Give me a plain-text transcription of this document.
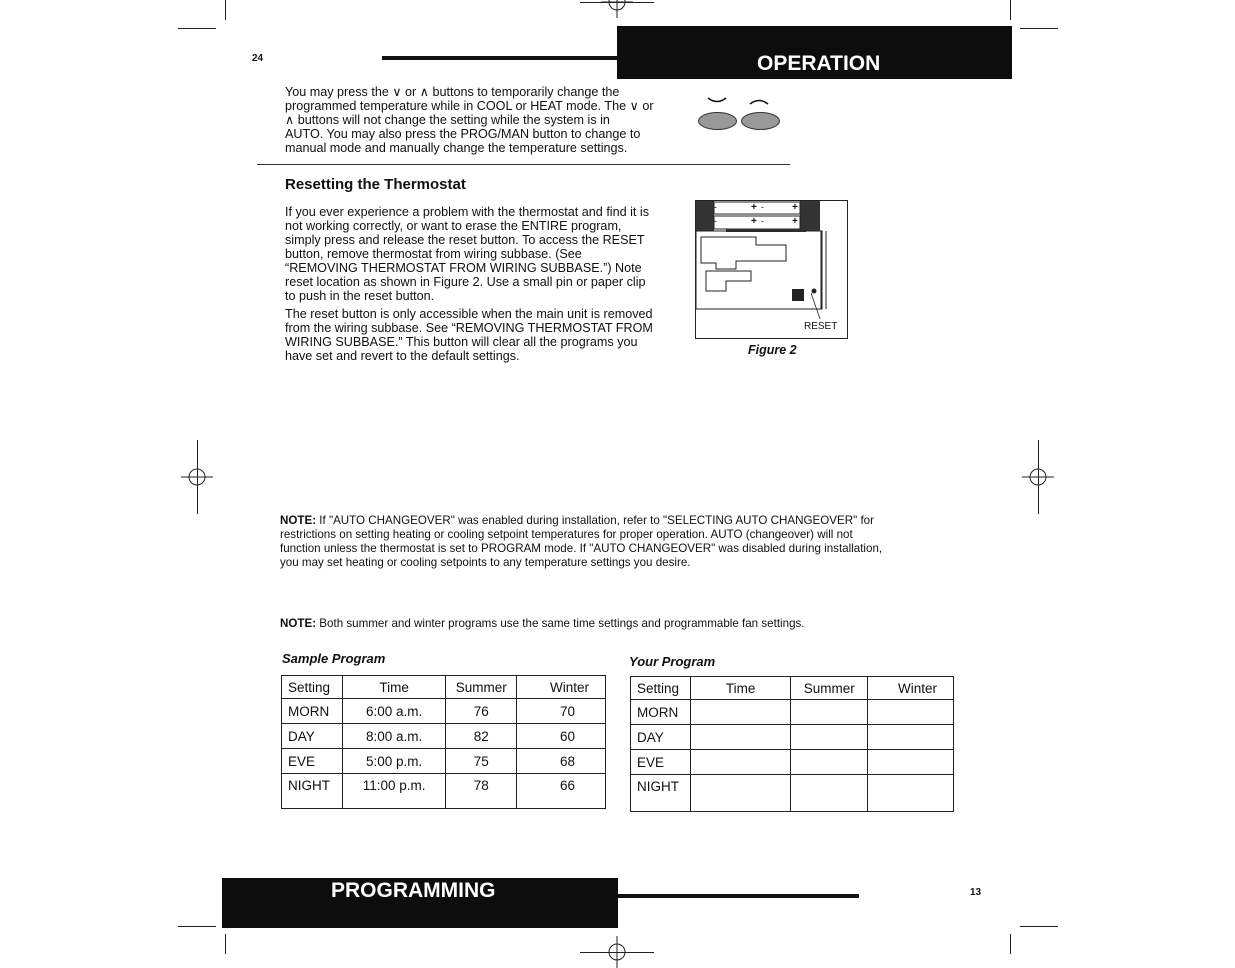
24	OPERATION
You may press the ∨ or ∧ buttons to temporarily change the
programmed temperature while in COOL or HEAT mode. The ∨ or
∧ buttons will not change the setting while the system is in
AUTO. You may also press the PROG/MAN button to change to
manual mode and manually change the temperature settings.
Resetting the Thermostat
If you ever experience a problem with the thermostat and find it is
not working correctly, or want to erase the ENTIRE program,
simply press and release the reset button. To access the RESET
button, remove thermostat from wiring subbase. (See
“REMOVING THERMOSTAT FROM WIRING SUBBASE.”) Note
reset location as shown in Figure 2. Use a small pin or paper clip
to push in the reset button.
The reset button is only accessible when the main unit is removed
from the wiring subbase. See “REMOVING THERMOSTAT FROM
WIRING SUBBASE.” This button will clear all the programs you
have set and revert to the default settings.
-	+ -	+
-	+ -	+
RESET
Figure 2
NOTE: If "AUTO CHANGEOVER" was enabled during installation, refer to "SELECTING AUTO CHANGEOVER" for
restrictions on setting heating or cooling setpoint temperatures for proper operation. AUTO (changeover) will not
function unless the thermostat is set to PROGRAM mode. If "AUTO CHANGEOVER" was disabled during installation,
you may set heating or cooling setpoints to any temperature settings you desire.
NOTE: Both summer and winter programs use the same time settings and programmable fan settings.
Sample Program
Setting	Time	Summer	Winter
MORN	6:00 a.m.	76	70
DAY	8:00 a.m.	82	60
EVE	5:00 p.m.	75	68
NIGHT	11:00 p.m.	78	66
Your Program
Setting	Time	Summer	Winter
MORN			
DAY			
EVE			
NIGHT			
PROGRAMMING	13
